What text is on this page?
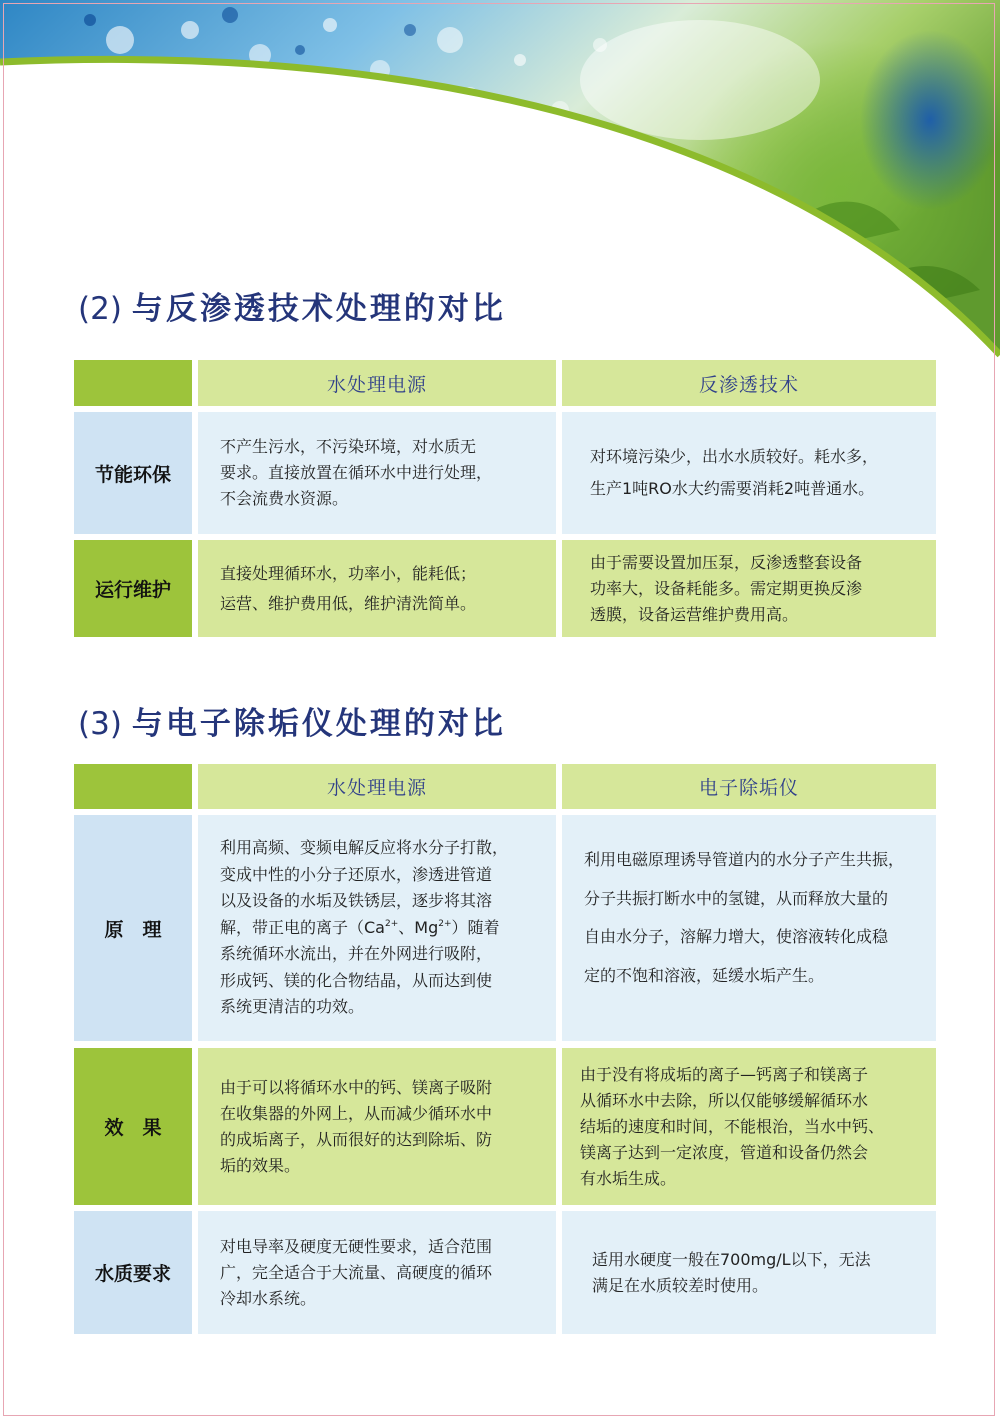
(2) 与反渗透技术处理的对比
水处理电源	反渗透技术
节能环保
不产生污水，不污染环境，对水质无
要求。直接放置在循环水中进行处理，
不会流费水资源。
对环境污染少，出水水质较好。耗水多，
生产1吨RO水大约需要消耗2吨普通水。
运行维护
直接处理循环水，功率小，能耗低；
运营、维护费用低，维护清洗简单。
由于需要设置加压泵，反渗透整套设备
功率大，设备耗能多。需定期更换反渗
透膜，设备运营维护费用高。
(3) 与电子除垢仪处理的对比
水处理电源	电子除垢仪
原　理
利用高频、变频电解反应将水分子打散，
变成中性的小分子还原水，渗透进管道
以及设备的水垢及铁锈层，逐步将其溶
解，带正电的离子（$Ca^{2+}$、$Mg^{2+}$）随着
系统循环水流出，并在外网进行吸附，
形成钙、镁的化合物结晶，从而达到使
系统更清洁的功效。
利用电磁原理诱导管道内的水分子产生共振，
分子共振打断水中的氢键，从而释放大量的
自由水分子，溶解力增大，使溶液转化成稳
定的不饱和溶液，延缓水垢产生。
效　果
由于可以将循环水中的钙、镁离子吸附
在收集器的外网上，从而减少循环水中
的成垢离子，从而很好的达到除垢、防
垢的效果。
由于没有将成垢的离子—钙离子和镁离子
从循环水中去除，所以仅能够缓解循环水
结垢的速度和时间，不能根治，当水中钙、
镁离子达到一定浓度，管道和设备仍然会
有水垢生成。
水质要求
对电导率及硬度无硬性要求，适合范围
广，完全适合于大流量、高硬度的循环
冷却水系统。
适用水硬度一般在700mg/L以下，无法
满足在水质较差时使用。
